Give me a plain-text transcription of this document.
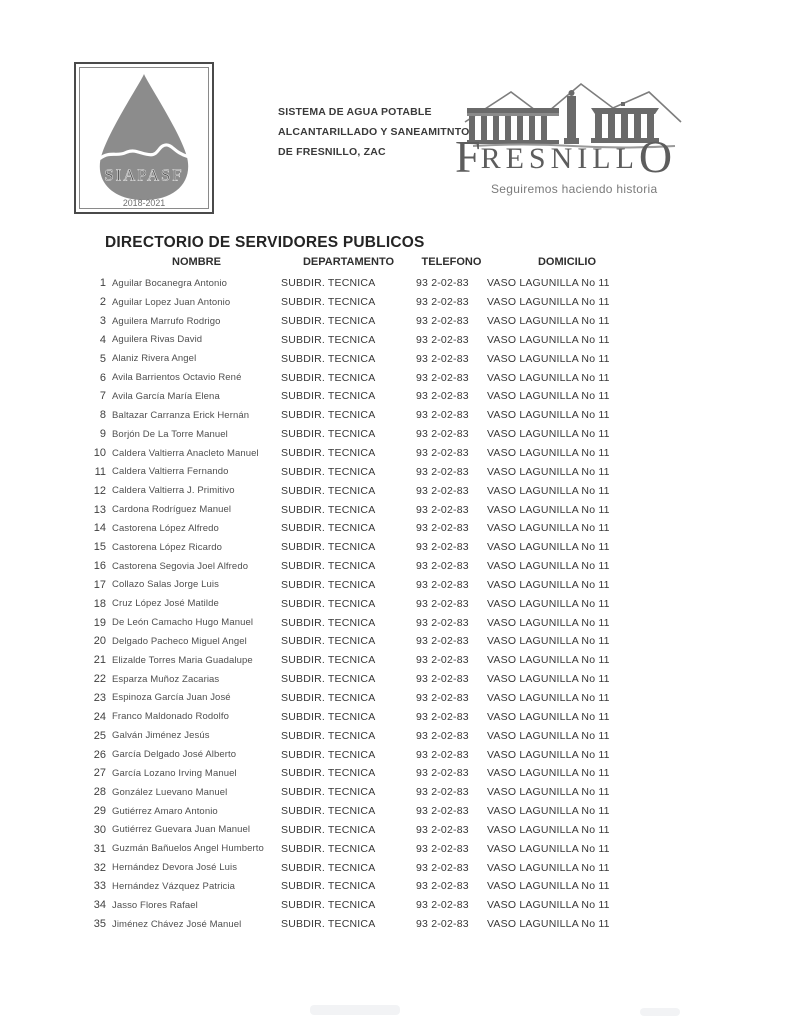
SIAPASF
2018-2021
SISTEMA DE AGUA POTABLE
ALCANTARILLADO Y SANEAMITNTO
DE FRESNILLO, ZAC	FRESNILLO
Seguiremos haciendo historia
DIRECTORIO DE SERVIDORES PUBLICOS
NOMBRE	DEPARTAMENTO	TELEFONO	DOMICILIO
1 Aguilar Bocanegra Antonio	SUBDIR. TECNICA	93 2-02-83	VASO LAGUNILLA No 11
2 Aguilar Lopez Juan Antonio	SUBDIR. TECNICA	93 2-02-83	VASO LAGUNILLA No 11
3 Aguilera Marrufo Rodrigo	SUBDIR. TECNICA	93 2-02-83	VASO LAGUNILLA No 11
4 Aguilera Rivas David	SUBDIR. TECNICA	93 2-02-83	VASO LAGUNILLA No 11
5 Alaniz Rivera Angel	SUBDIR. TECNICA	93 2-02-83	VASO LAGUNILLA No 11
6 Avila Barrientos Octavio René	SUBDIR. TECNICA	93 2-02-83	VASO LAGUNILLA No 11
7 Avila García María Elena	SUBDIR. TECNICA	93 2-02-83	VASO LAGUNILLA No 11
8 Baltazar Carranza Erick Hernán	SUBDIR. TECNICA	93 2-02-83	VASO LAGUNILLA No 11
9 Borjón De La Torre Manuel	SUBDIR. TECNICA	93 2-02-83	VASO LAGUNILLA No 11
10 Caldera Valtierra Anacleto Manuel	SUBDIR. TECNICA	93 2-02-83	VASO LAGUNILLA No 11
11 Caldera Valtierra Fernando	SUBDIR. TECNICA	93 2-02-83	VASO LAGUNILLA No 11
12 Caldera Valtierra J. Primitivo	SUBDIR. TECNICA	93 2-02-83	VASO LAGUNILLA No 11
13 Cardona Rodríguez Manuel	SUBDIR. TECNICA	93 2-02-83	VASO LAGUNILLA No 11
14 Castorena López Alfredo	SUBDIR. TECNICA	93 2-02-83	VASO LAGUNILLA No 11
15 Castorena López Ricardo	SUBDIR. TECNICA	93 2-02-83	VASO LAGUNILLA No 11
16 Castorena Segovia Joel Alfredo	SUBDIR. TECNICA	93 2-02-83	VASO LAGUNILLA No 11
17 Collazo Salas Jorge Luis	SUBDIR. TECNICA	93 2-02-83	VASO LAGUNILLA No 11
18 Cruz López José Matilde	SUBDIR. TECNICA	93 2-02-83	VASO LAGUNILLA No 11
19 De León Camacho Hugo Manuel	SUBDIR. TECNICA	93 2-02-83	VASO LAGUNILLA No 11
20 Delgado Pacheco Miguel Angel	SUBDIR. TECNICA	93 2-02-83	VASO LAGUNILLA No 11
21 Elizalde Torres Maria Guadalupe	SUBDIR. TECNICA	93 2-02-83	VASO LAGUNILLA No 11
22 Esparza Muñoz Zacarias	SUBDIR. TECNICA	93 2-02-83	VASO LAGUNILLA No 11
23 Espinoza García Juan José	SUBDIR. TECNICA	93 2-02-83	VASO LAGUNILLA No 11
24 Franco Maldonado Rodolfo	SUBDIR. TECNICA	93 2-02-83	VASO LAGUNILLA No 11
25 Galván Jiménez Jesús	SUBDIR. TECNICA	93 2-02-83	VASO LAGUNILLA No 11
26 García Delgado José Alberto	SUBDIR. TECNICA	93 2-02-83	VASO LAGUNILLA No 11
27 García Lozano Irving Manuel	SUBDIR. TECNICA	93 2-02-83	VASO LAGUNILLA No 11
28 González Luevano Manuel	SUBDIR. TECNICA	93 2-02-83	VASO LAGUNILLA No 11
29 Gutiérrez Amaro Antonio	SUBDIR. TECNICA	93 2-02-83	VASO LAGUNILLA No 11
30 Gutiérrez Guevara Juan Manuel	SUBDIR. TECNICA	93 2-02-83	VASO LAGUNILLA No 11
31 Guzmán Bañuelos Angel Humberto	SUBDIR. TECNICA	93 2-02-83	VASO LAGUNILLA No 11
32 Hernández Devora José Luis	SUBDIR. TECNICA	93 2-02-83	VASO LAGUNILLA No 11
33 Hernández Vázquez Patricia	SUBDIR. TECNICA	93 2-02-83	VASO LAGUNILLA No 11
34 Jasso Flores Rafael	SUBDIR. TECNICA	93 2-02-83	VASO LAGUNILLA No 11
35 Jiménez Chávez José Manuel	SUBDIR. TECNICA	93 2-02-83	VASO LAGUNILLA No 11
